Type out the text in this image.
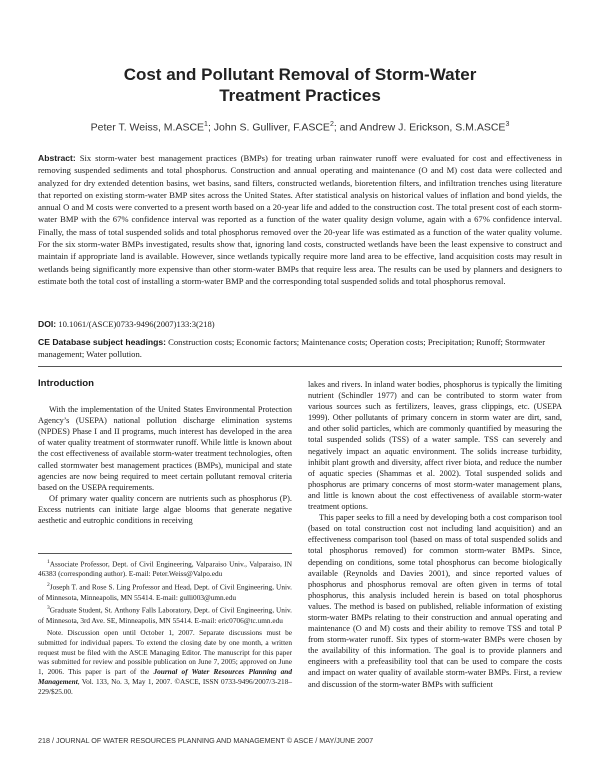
Cost and Pollutant Removal of Storm-Water
Treatment Practices
Peter T. Weiss, M.ASCE$^1$; John S. Gulliver, F.ASCE$^2$; and Andrew J. Erickson, S.M.ASCE$^3$
Abstract: Six storm-water best management practices (BMPs) for treating urban rainwater runoff were evaluated for cost and effectiveness in removing suspended sediments and total phosphorus. Construction and annual operating and maintenance (O and M) cost data were collected and analyzed for dry extended detention basins, wet basins, sand filters, constructed wetlands, bioretention filters, and infiltration trenches using literature that reported on existing storm-water BMP sites across the United States. After statistical analysis on historical values of inflation and bond yields, the annual O and M costs were converted to a present worth based on a 20-year life and added to the construction cost. The total present cost of each storm-water BMP with the 67% confidence interval was reported as a function of the water quality design volume, again with a 67% confidence interval. Finally, the mass of total suspended solids and total phosphorus removed over the 20-year life was estimated as a function of the water quality volume. For the six storm-water BMPs investigated, results show that, ignoring land costs, constructed wetlands have been the least expensive to construct and maintain if appropriate land is available. However, since wetlands typically require more land area to be effective, land acquisition costs may result in wetlands being significantly more expensive than other storm-water BMPs that require less area. The results can be used by planners and designers to estimate both the total cost of installing a storm-water BMP and the corresponding total suspended solids and total phosphorus removal.
DOI: 10.1061/(ASCE)0733-9496(2007)133:3(218)
CE Database subject headings: Construction costs; Economic factors; Maintenance costs; Operation costs; Precipitation; Runoff; Stormwater management; Water pollution.
Introduction

With the implementation of the United States Environmental Protection Agency’s (USEPA) national pollution discharge elimination systems (NPDES) Phase I and II programs, much interest has developed in the area of water quality treatment of stormwater runoff. While little is known about the cost effectiveness of available storm-water treatment technologies, often called stormwater best management practices (BMPs), municipal and state agencies are now being required to meet certain pollutant removal criteria based on the USEPA requirements.

Of primary water quality concern are nutrients such as phosphorus (P). Excess nutrients can initiate large algae blooms that generate negative aesthetic and eutrophic conditions in receiving

$^1$Associate Professor, Dept. of Civil Engineering, Valparaiso Univ., Valparaiso, IN 46383 (corresponding author). E-mail: Peter.Weiss@Valpo.edu

$^2$Joseph T. and Rose S. Ling Professor and Head, Dept. of Civil Engineering, Univ. of Minnesota, Minneapolis, MN 55414. E-mail: gulli003@umn.edu

$^3$Graduate Student, St. Anthony Falls Laboratory, Dept. of Civil Engineering, Univ. of Minnesota, 3rd Ave. SE, Minneapolis, MN 55414. E-mail: eric0706@tc.umn.edu

Note. Discussion open until October 1, 2007. Separate discussions must be submitted for individual papers. To extend the closing date by one month, a written request must be filed with the ASCE Managing Editor. The manuscript for this paper was submitted for review and possible publication on June 7, 2005; approved on June 1, 2006. This paper is part of the Journal of Water Resources Planning and Management, Vol. 133, No. 3, May 1, 2007. ©ASCE, ISSN 0733-9496/2007/3-218–229/$25.00.

lakes and rivers. In inland water bodies, phosphorus is typically the limiting nutrient (Schindler 1977) and can be contributed to storm water from various sources such as fertilizers, leaves, grass clippings, etc. (USEPA 1999). Other pollutants of primary concern in storm water are dirt, sand, and other solid particles, which are commonly quantified by measuring the total suspended solids (TSS) of a water sample. TSS can severely and negatively impact an aquatic environment. The solids increase turbidity, inhibit plant growth and diversity, affect river biota, and reduce the number of aquatic species (Shammas et al. 2002). Total suspended solids and phosphorus are primary concerns of most storm-water management plans, and little is known about the cost effectiveness of available storm-water treatment options.

This paper seeks to fill a need by developing both a cost comparison tool (based on total construction cost not including land acquisition) and an effectiveness comparison tool (based on mass of total suspended solids and total phosphorus removed) for common storm-water BMPs. Since, depending on conditions, some total phosphorus can become biologically available (Reynolds and Davies 2001), and since reported values of phosphorus and phosphorus removal are often given in terms of total phosphorus, this analysis included herein is based on total phosphorus values. The method is based on published, reliable information of existing storm-water BMPs relating to their construction and annual operating and maintenance (O and M) costs and their ability to remove TSS and total P from storm-water runoff. Six types of storm-water BMPs were chosen by the availability of this information. The goal is to provide planners and engineers with a prefeasibility tool that can be used to compare the costs and impact on water quality of available storm-water BMPs. First, a review and discussion of the storm-water BMPs with sufficient

218 / JOURNAL OF WATER RESOURCES PLANNING AND MANAGEMENT © ASCE / MAY/JUNE 2007
